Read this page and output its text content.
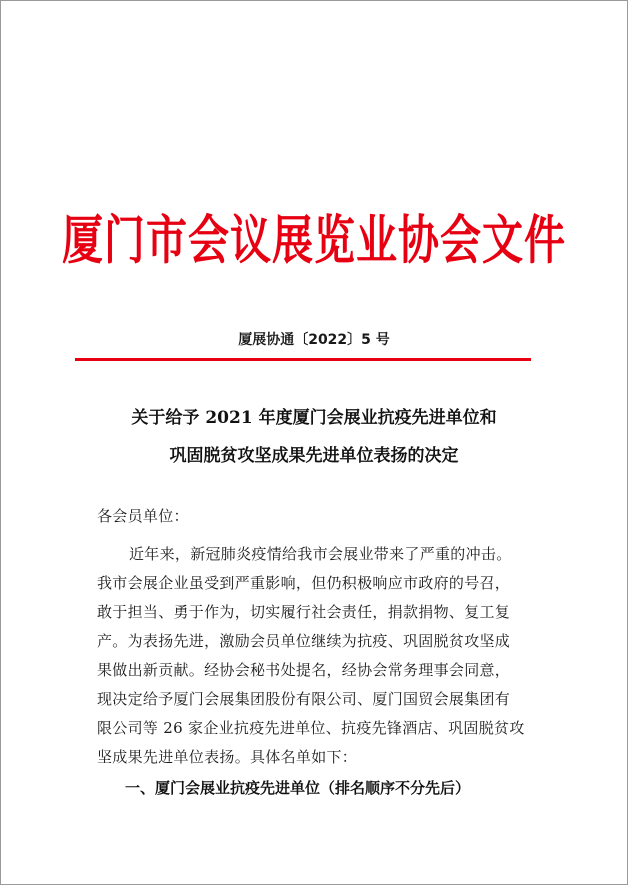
厦门市会议展览业协会文件
厦展协通〔2022〕5 号
关于给予 2021 年度厦门会展业抗疫先进单位和
巩固脱贫攻坚成果先进单位表扬的决定
各会员单位：
近年来，新冠肺炎疫情给我市会展业带来了严重的冲击。
我市会展企业虽受到严重影响，但仍积极响应市政府的号召，
敢于担当、勇于作为，切实履行社会责任，捐款捐物、复工复
产。为表扬先进，激励会员单位继续为抗疫、巩固脱贫攻坚成
果做出新贡献。经协会秘书处提名，经协会常务理事会同意，
现决定给予厦门会展集团股份有限公司、厦门国贸会展集团有
限公司等 26 家企业抗疫先进单位、抗疫先锋酒店、巩固脱贫攻
坚成果先进单位表扬。具体名单如下：
一、厦门会展业抗疫先进单位（排名顺序不分先后）
